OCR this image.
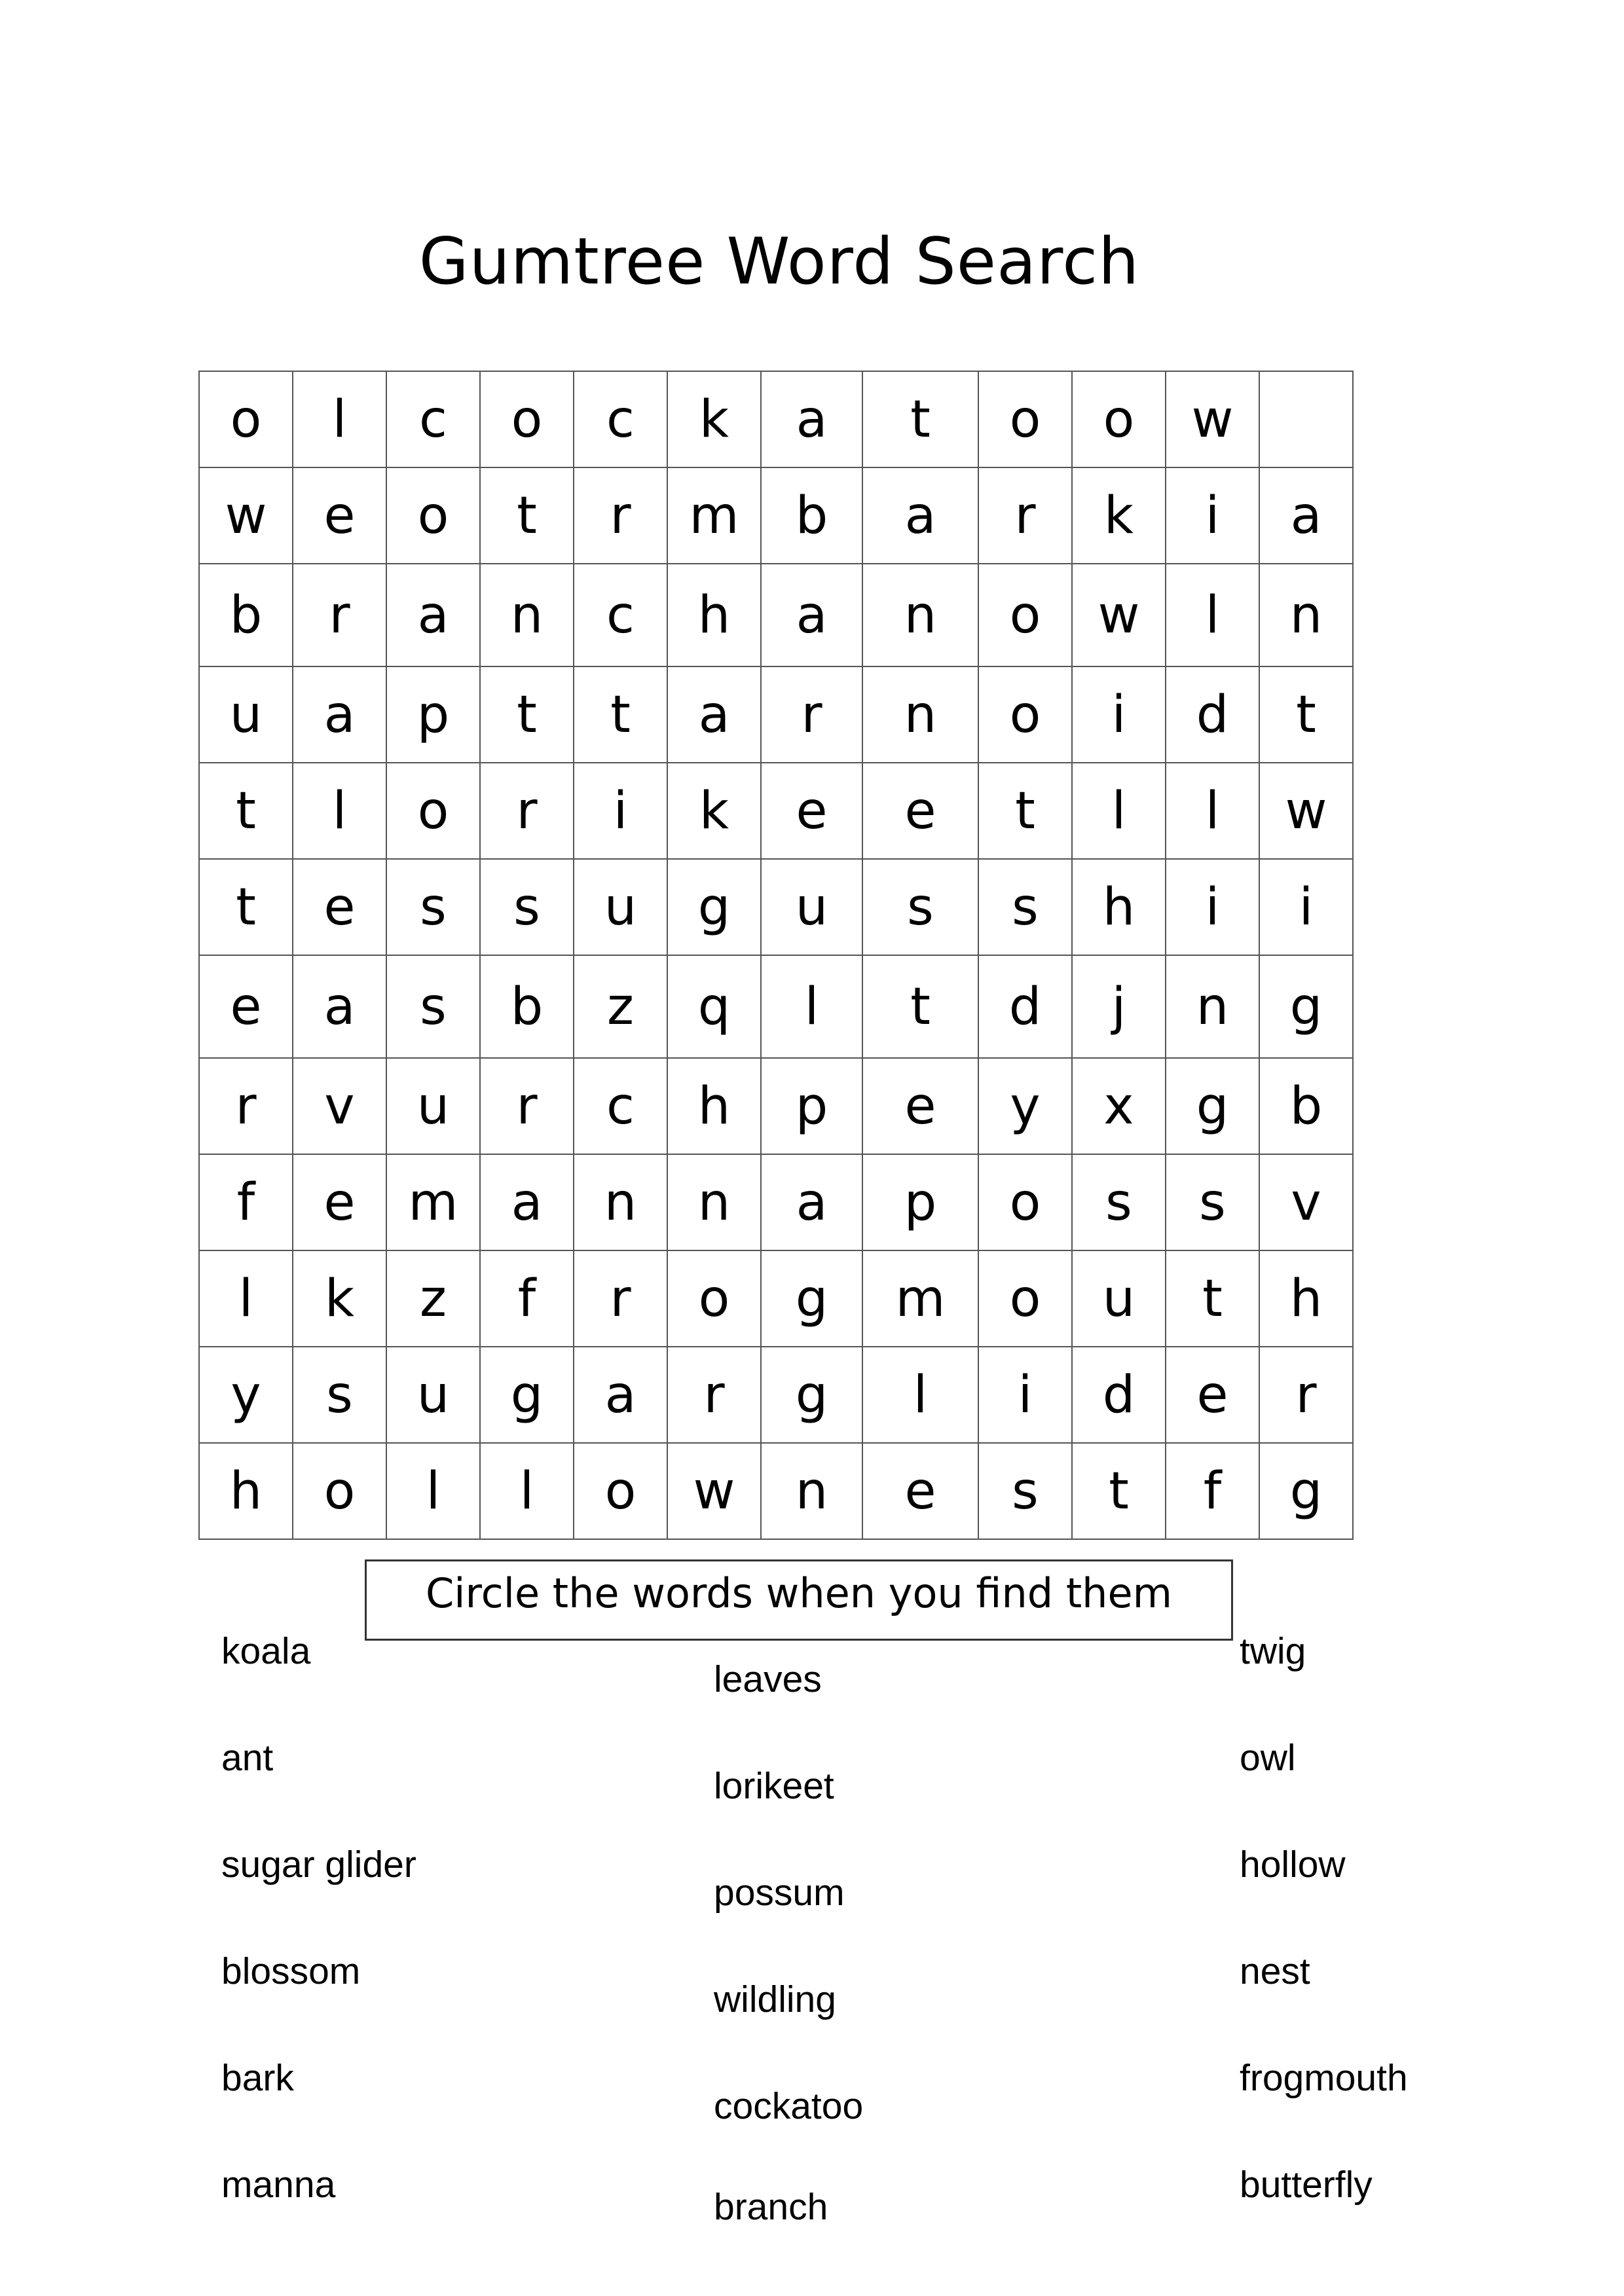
Gumtree Word Search
o	l	c	o	c	k	a	t	o	o	w	
w	e	o	t	r	m	b	a	r	k	i	a
b	r	a	n	c	h	a	n	o	w	l	n
u	a	p	t	t	a	r	n	o	i	d	t
t	l	o	r	i	k	e	e	t	l	l	w
t	e	s	s	u	g	u	s	s	h	i	i
e	a	s	b	z	q	l	t	d	j	n	g
r	v	u	r	c	h	p	e	y	x	g	b
f	e	m	a	n	n	a	p	o	s	s	v
l	k	z	f	r	o	g	m	o	u	t	h
y	s	u	g	a	r	g	l	i	d	e	r
h	o	l	l	o	w	n	e	s	t	f	g
Circle the words when you find them
koala
ant
sugar glider
blossom
bark
manna
leaves
lorikeet
possum
wildling
cockatoo
branch
twig
owl
hollow
nest
frogmouth
butterfly
